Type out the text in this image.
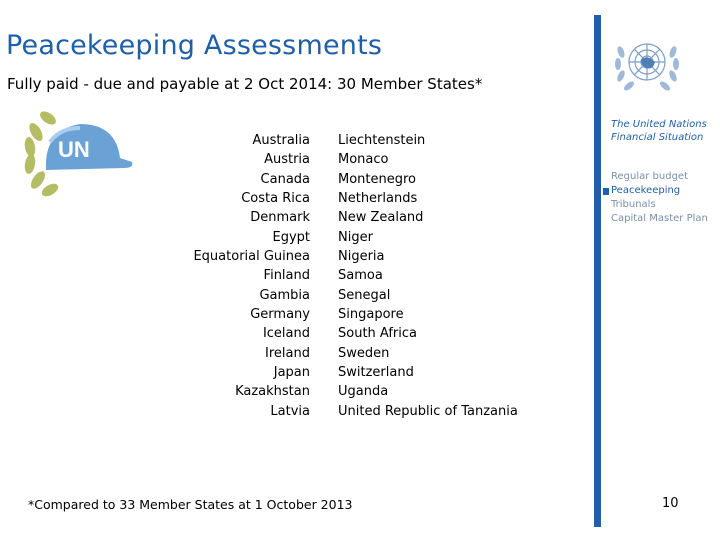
Peacekeeping Assessments
Fully paid - due and payable at 2 Oct 2014: 30 Member States*
UN	Australia
Austria
Canada
Costa Rica
Denmark
Egypt
Equatorial Guinea
Finland
Gambia
Germany
Iceland
Ireland
Japan
Kazakhstan
Latvia
Liechtenstein
Monaco
Montenegro
Netherlands
New Zealand
Niger
Nigeria
Samoa
Senegal
Singapore
South Africa
Sweden
Switzerland
Uganda
United Republic of Tanzania
*Compared to 33 Member States at 1 October 2013
The United Nations Financial Situation
Regular budget
Peacekeeping
Tribunals
Capital Master Plan
10
